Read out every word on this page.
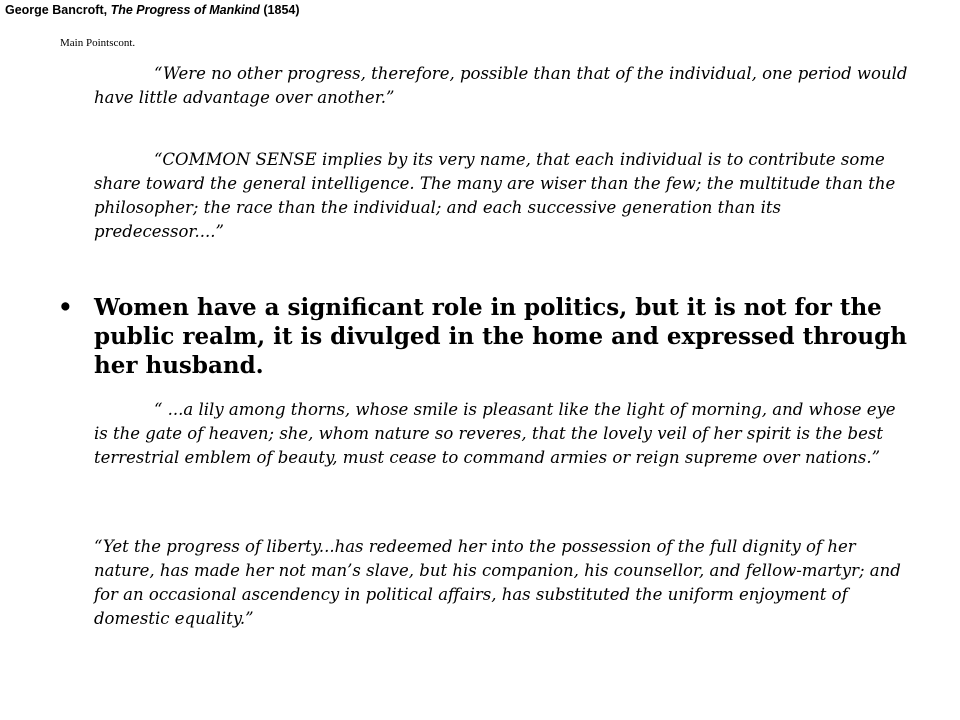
George Bancroft, The Progress of Mankind (1854)
Main Pointscont.

“Were no other progress, therefore, possible than that of the individual, one period would have little advantage over another.”

“COMMON SENSE implies by its very name, that each individual is to contribute some share toward the general intelligence. The many are wiser than the few; the multitude than the philosopher; the race than the individual; and each successive generation than its predecessor....”

• Women have a significant role in politics, but it is not for the public realm, it is divulged in the home and expressed through her husband.

“ ...a lily among thorns, whose smile is pleasant like the light of morning, and whose eye is the gate of heaven; she, whom nature so reveres, that the lovely veil of her spirit is the best terrestrial emblem of beauty, must cease to command armies or reign supreme over nations.”

“Yet the progress of liberty...has redeemed her into the possession of the full dignity of her nature, has made her not man’s slave, but his companion, his counsellor, and fellow-martyr; and for an occasional ascendency in political affairs, has substituted the uniform enjoyment of domestic equality.”
